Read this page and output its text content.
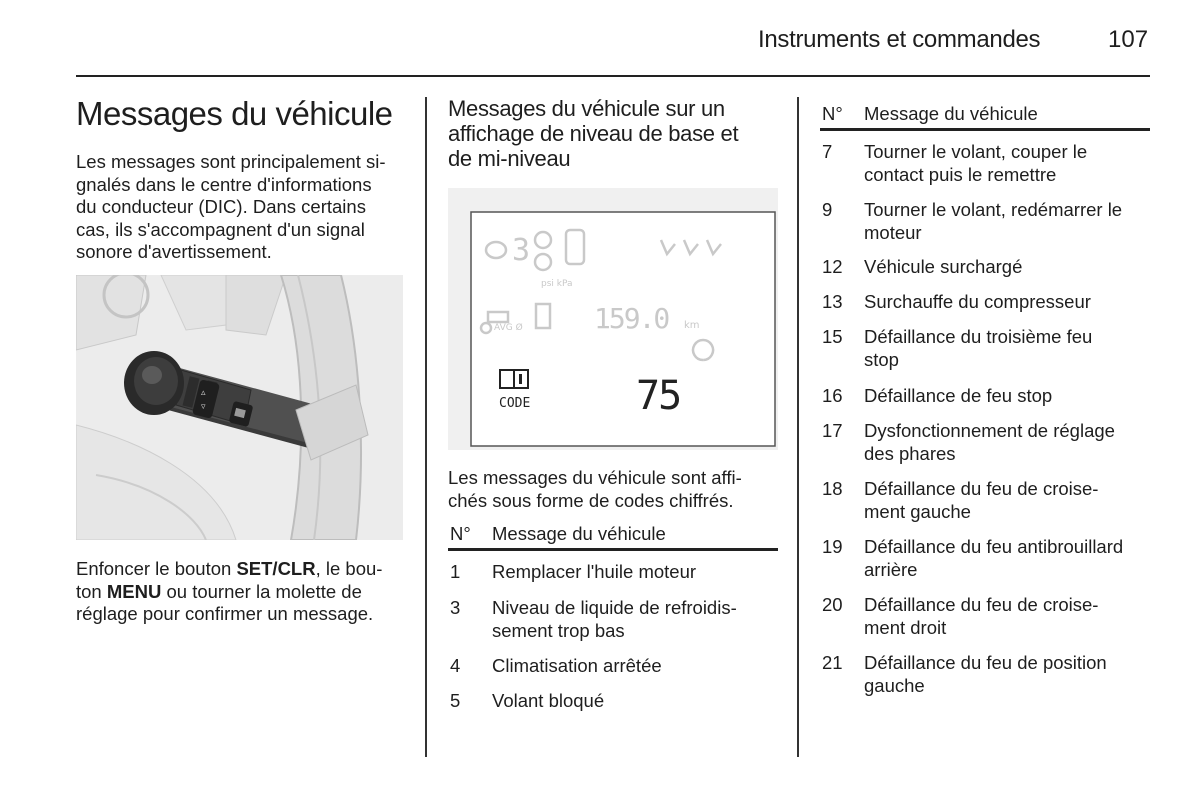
Instruments et commandes	107
Messages du véhicule
Les messages sont principalement si-
gnalés dans le centre d'informations
du conducteur (DIC). Dans certains
cas, ils s'accompagnent d'un signal
sonore d'avertissement.
▵
▿
Enfoncer le bouton SET/CLR, le bou-
ton MENU ou tourner la molette de
réglage pour confirmer un message.
Messages du véhicule sur un
affichage de niveau de base et
de mi-niveau
3
psi kPa
AVG Ø	159.0 km
CODE	75
Les messages du véhicule sont affi-
chés sous forme de codes chiffrés.
N° Message du véhicule
1 Remplacer l'huile moteur
3 Niveau de liquide de refroidis-
sement trop bas
4 Climatisation arrêtée
5 Volant bloqué
N° Message du véhicule
7 Tourner le volant, couper le
contact puis le remettre
9 Tourner le volant, redémarrer le
moteur
12 Véhicule surchargé
13 Surchauffe du compresseur
15 Défaillance du troisième feu
stop
16 Défaillance de feu stop
17 Dysfonctionnement de réglage
des phares
18 Défaillance du feu de croise-
ment gauche
19 Défaillance du feu antibrouillard
arrière
20 Défaillance du feu de croise-
ment droit
21 Défaillance du feu de position
gauche
